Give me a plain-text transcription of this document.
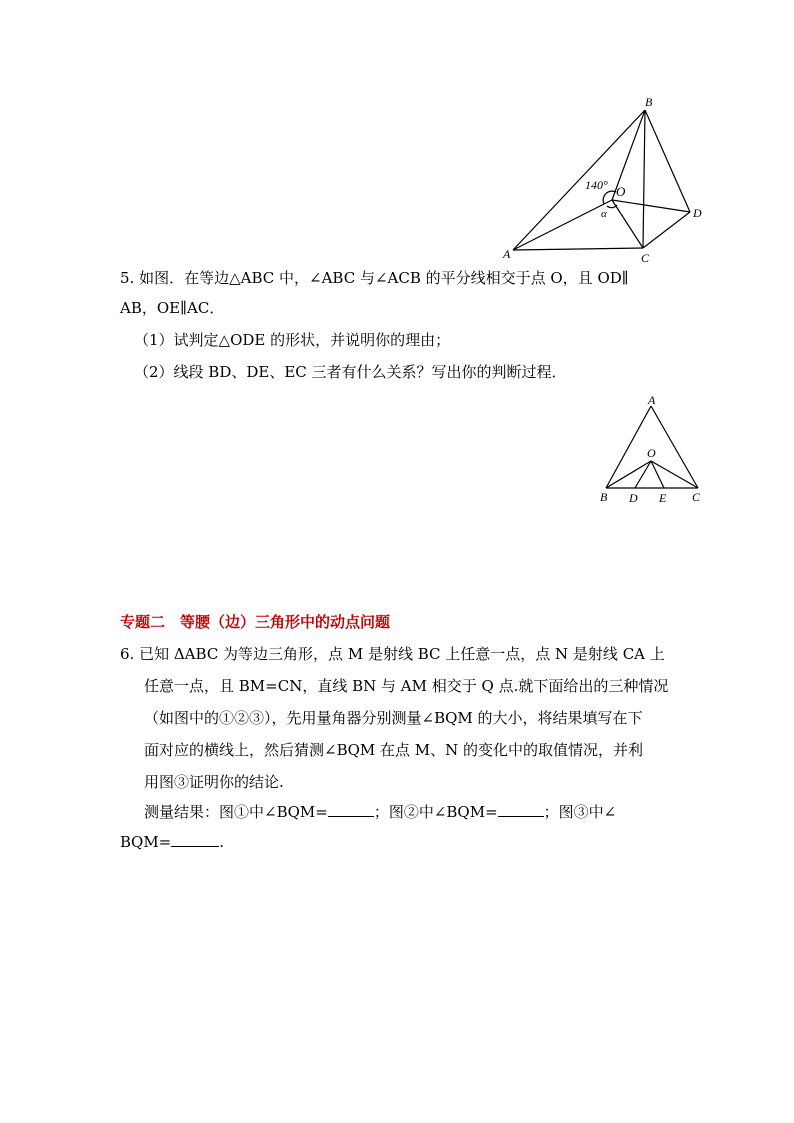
B
A	C
D
O
140°
α
5. 如图．在等边△ABC 中，∠ABC 与∠ACB 的平分线相交于点 O，且 OD∥
AB，OE∥AC．
（1）试判定△ODE 的形状，并说明你的理由；
（2）线段 BD、DE、EC 三者有什么关系？写出你的判断过程．
A
B	C
D E
O
专题二　等腰（边）三角形中的动点问题
6. 已知 ΔABC 为等边三角形，点 M 是射线 BC 上任意一点，点 N 是射线 CA 上
任意一点，且 BM=CN，直线 BN 与 AM 相交于 Q 点.就下面给出的三种情况
（如图中的①②③），先用量角器分别测量∠BQM 的大小，将结果填写在下
面对应的横线上，然后猜测∠BQM 在点 M、N 的变化中的取值情况，并利
用图③证明你的结论.
测量结果：图①中∠BQM=	；图②中∠BQM=	；图③中∠
BQM=	.
